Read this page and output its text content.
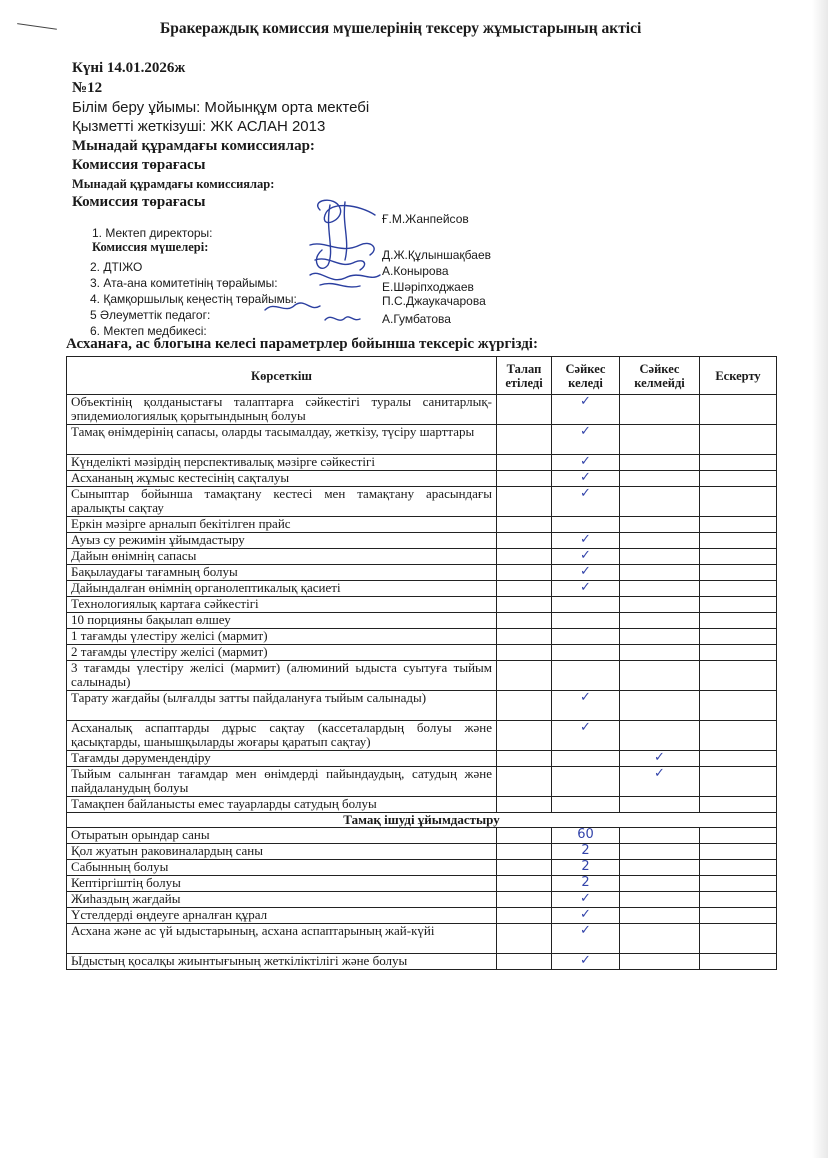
Бракераждық комиссия мүшелерінің тексеру жұмыстарының актісі
Күні 14.01.2026ж
№12
Білім беру ұйымы: Мойынқұм орта мектебі
Қызметті жеткізуші: ЖК АСЛАН 2013
Мынадай құрамдағы комиссиялар:
Комиссия төрағасы
Мынадай құрамдағы комиссиялар:
Комиссия төрағасы
1. Мектеп директоры:
Ғ.М.Жанпейсов
Комиссия мүшелері:
2. ДТІЖО
Д.Ж.Құлыншақбаев
3. Ата-ана комитетінің төрайымы:
А.Конырова
4. Қамқоршылық кеңестің төрайымы:
Е.Шәріпходжаев
5 Әлеуметтік педагог:
П.С.Джаукачарова
6. Мектеп медбикесі:
А.Гумбатова
Асханаға, ас блогына келесі параметрлер бойынша тексеріс жүргізді:
Көрсеткіш	Талап етіледі	Сәйкес келеді	Сәйкес келмейді	Ескерту
Объектінің қолданыстағы талаптарға сәйкестігі туралы санитарлық-эпидемиологиялық қорытындының болуы		✓		
Тамақ өнімдерінің сапасы, оларды тасымалдау, жеткізу, түсіру шарттары		✓		
Күнделікті мәзірдің перспективалық мәзірге сәйкестігі		✓		
Асхананың жұмыс кестесінің сақталуы		✓		
Сыныптар бойынша тамақтану кестесі мен тамақтану арасындағы аралықты сақтау		✓		
Еркін мәзірге арналып бекітілген прайс				
Ауыз су режимін ұйымдастыру		✓		
Дайын өнімнің сапасы		✓		
Бақылаудағы тағамның болуы		✓		
Дайындалған өнімнің органолептикалық қасиеті		✓		
Технологиялық картаға сәйкестігі				
10 порцияны бақылап өлшеу				
1 тағамды үлестіру желісі (мармит)				
2 тағамды үлестіру желісі (мармит)				
3 тағамды үлестіру желісі (мармит) (алюминий ыдыста суытуға тыйым салынады)				
Тарату жағдайы (ылғалды затты пайдалануға тыйым салынады)		✓		
Асханалық аспаптарды дұрыс сақтау (кассеталардың болуы және қасықтарды, шанышқыларды жоғары қаратып сақтау)		✓		
Тағамды дәрумендендіру			✓	
Тыйым салынған тағамдар мен өнімдерді пайындаудың, сатудың және пайдаланудың болуы			✓	
Тамақпен байланысты емес тауарларды сатудың болуы				
Тамақ ішуді ұйымдастыру				
Отыратын орындар саны		60		
Қол жуатын раковиналардың саны		2		
Сабынның болуы		2		
Кептіргіштің болуы		2		
Жиһаздың жағдайы		✓		
Үстелдерді өңдеуге арналған құрал		✓		
Асхана және ас үй ыдыстарының, асхана аспаптарының жай-күйі		✓		
Ыдыстың қосалқы жиынтығының жеткіліктілігі және болуы		✓		
